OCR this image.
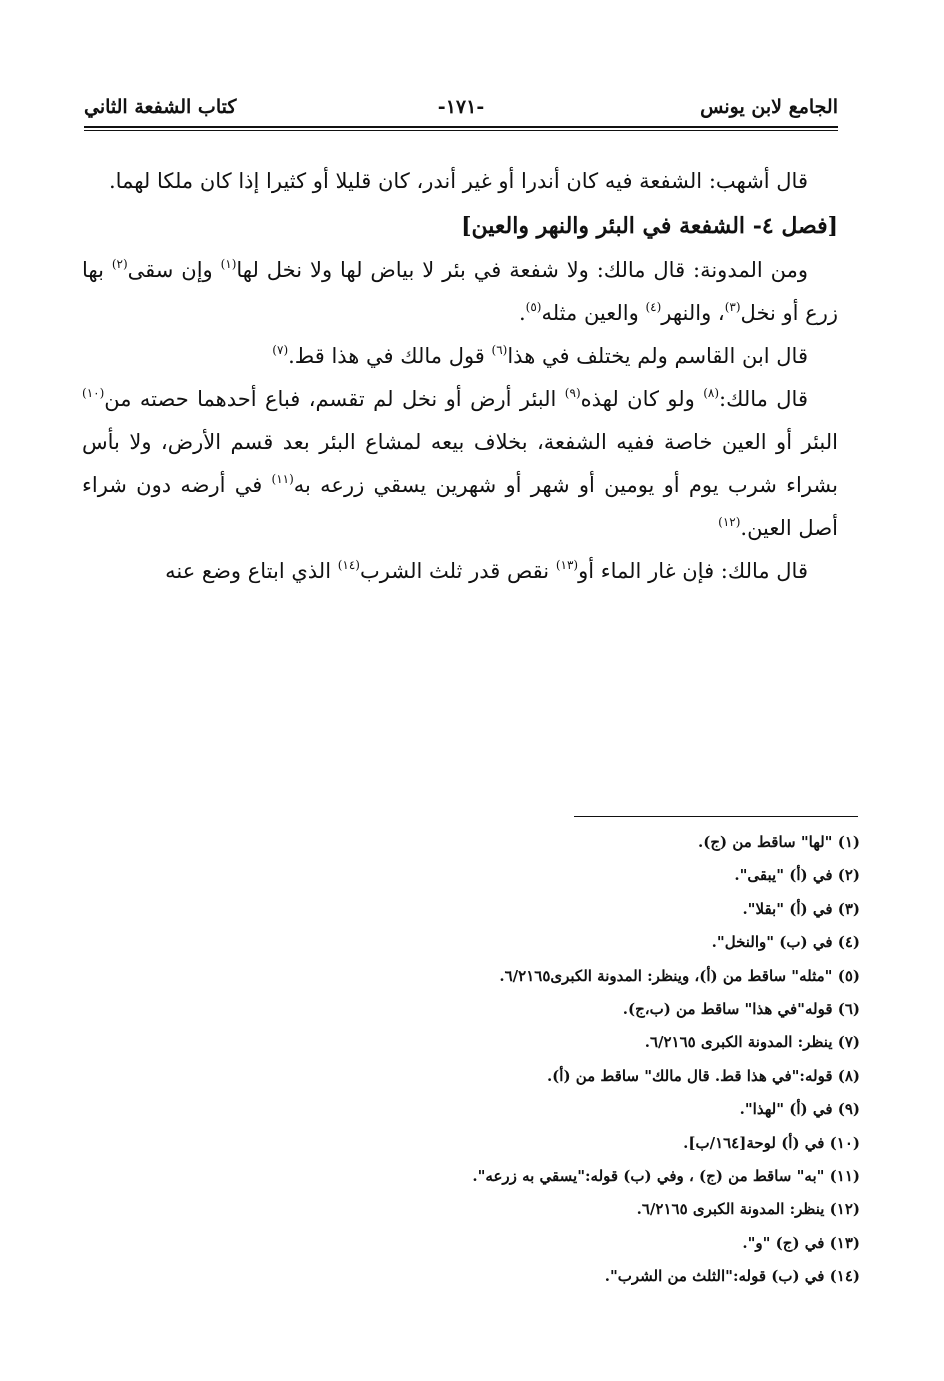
الجامع لابن يونس
-١٧١-
كتاب الشفعة الثاني

قال أشهب: الشفعة فيه كان أندرا أو غير أندر، كان قليلا أو كثيرا إذا كان ملكا لهما.

[فصل ٤- الشفعة في البئر والنهر والعين]

ومن المدونة: قال مالك: ولا شفعة في بئر لا بياض لها ولا نخل لها$^{(١)}$ وإن سقى$^{(٢)}$ بها زرع أو نخل$^{(٣)}$، والنهر$^{(٤)}$ والعين مثله$^{(٥)}$.

قال ابن القاسم ولم يختلف في هذا$^{(٦)}$ قول مالك في هذا قط.$^{(٧)}$

قال مالك:$^{(٨)}$ ولو كان لهذه$^{(٩)}$ البئر أرض أو نخل لم تقسم، فباع أحدهما حصته من$^{(١٠)}$ البئر أو العين خاصة ففيه الشفعة، بخلاف بيعه لمشاع البئر بعد قسم الأرض، ولا بأس بشراء شرب يوم أو يومين أو شهر أو شهرين يسقي زرعه به$^{(١١)}$ في أرضه دون شراء أصل العين.$^{(١٢)}$

قال مالك: فإن غار الماء أو$^{(١٣)}$ نقص قدر ثلث الشرب$^{(١٤)}$ الذي ابتاع وضع عنه

(١) "لها" ساقط من (ج).
(٢) في (أ) "يبقى".
(٣) في (أ) "بقلا".
(٤) في (ب) "والنخل".
(٥) "مثله" ساقط من (أ)، وينظر: المدونة الكبرى٦/٢١٦٥.
(٦) قوله"في هذا" ساقط من (ب،ج).
(٧) ينظر: المدونة الكبرى ٦/٢١٦٥.
(٨) قوله:"في هذا قط. قال مالك" ساقط من (أ).
(٩) في (أ) "لهذا".
(١٠) في (أ) لوحة[١٦٤/ب].
(١١) "به" ساقط من (ج) ، وفي (ب) قوله:"يسقي به زرعه".
(١٢) ينظر: المدونة الكبرى ٦/٢١٦٥.
(١٣) في (ج) "و".
(١٤) في (ب) قوله:"الثلث من الشرب".
